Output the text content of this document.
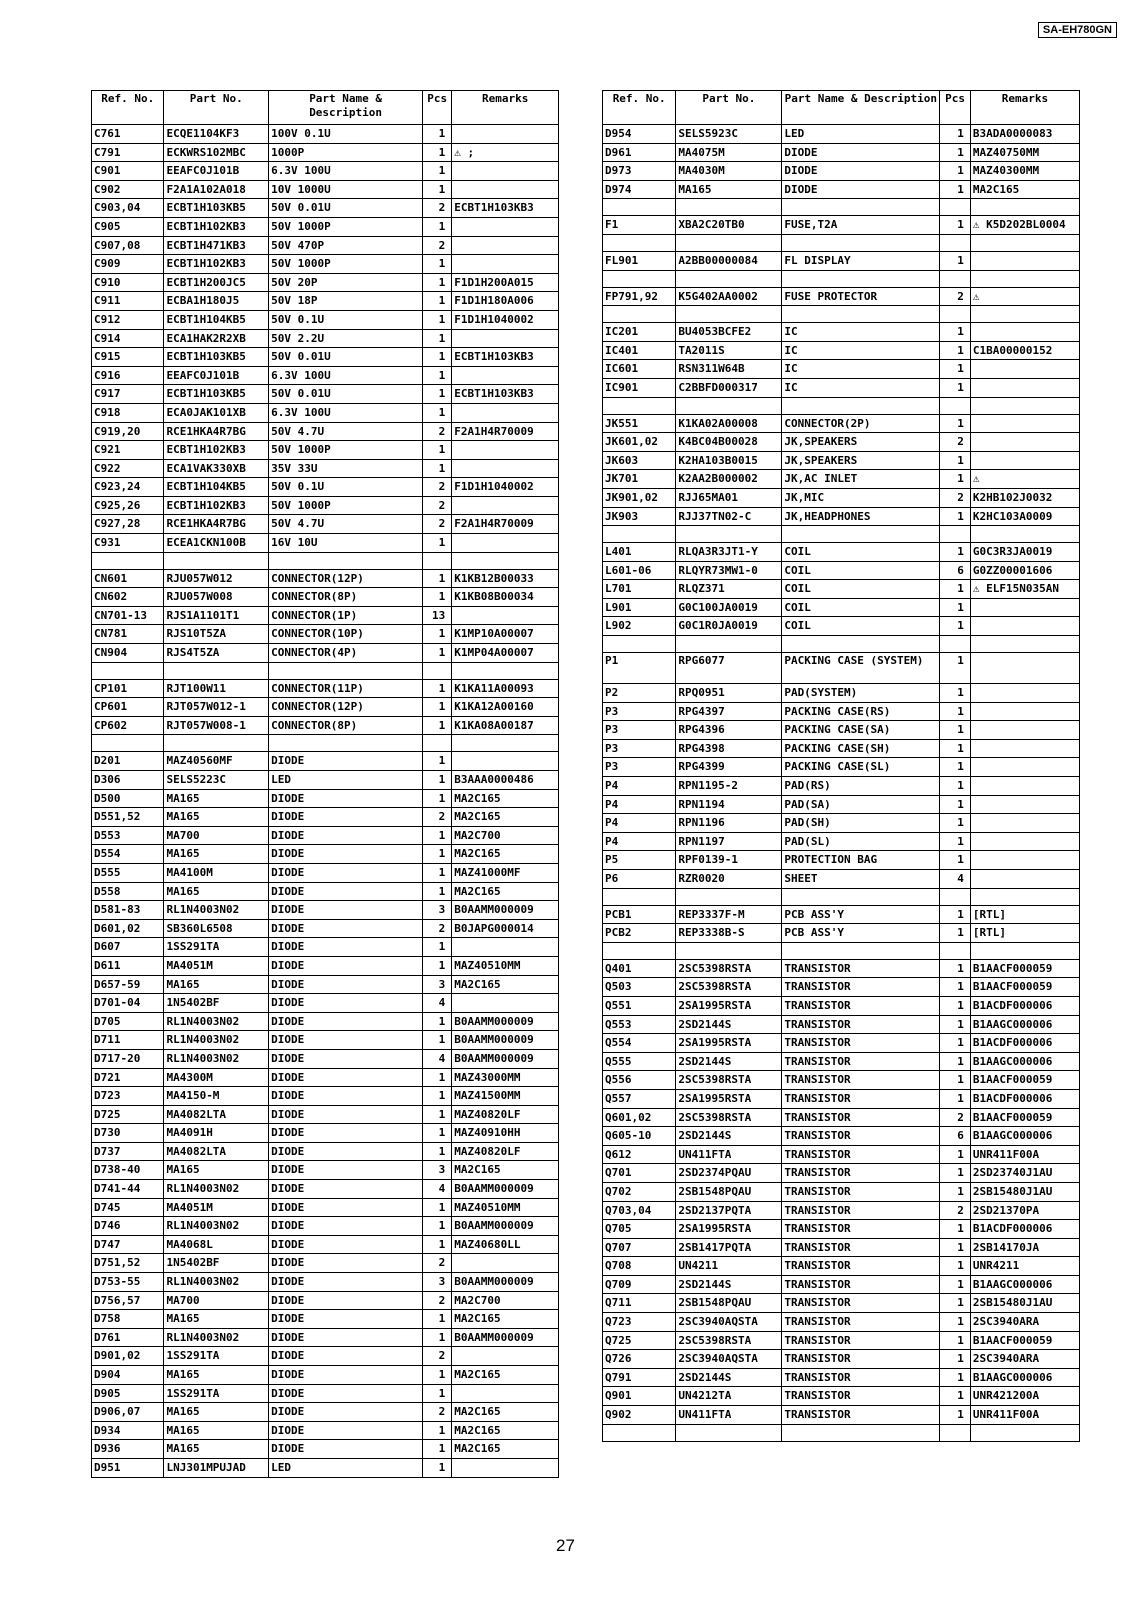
SA-EH780GN
Ref. No.	Part No.	Part Name & Description	Pcs	Remarks
C761	ECQE1104KF3	100V 0.1U	1	
C791	ECKWRS102MBC	1000P	1	⚠ ;
C901	EEAFC0J101B	6.3V 100U	1	
C902	F2A1A102A018	10V 1000U	1	
C903,04	ECBT1H103KB5	50V 0.01U	2	ECBT1H103KB3
C905	ECBT1H102KB3	50V 1000P	1	
C907,08	ECBT1H471KB3	50V 470P	2	
C909	ECBT1H102KB3	50V 1000P	1	
C910	ECBT1H200JC5	50V 20P	1	F1D1H200A015
C911	ECBA1H180J5	50V 18P	1	F1D1H180A006
C912	ECBT1H104KB5	50V 0.1U	1	F1D1H1040002
C914	ECA1HAK2R2XB	50V 2.2U	1	
C915	ECBT1H103KB5	50V 0.01U	1	ECBT1H103KB3
C916	EEAFC0J101B	6.3V 100U	1	
C917	ECBT1H103KB5	50V 0.01U	1	ECBT1H103KB3
C918	ECA0JAK101XB	6.3V 100U	1	
C919,20	RCE1HKA4R7BG	50V 4.7U	2	F2A1H4R70009
C921	ECBT1H102KB3	50V 1000P	1	
C922	ECA1VAK330XB	35V 33U	1	
C923,24	ECBT1H104KB5	50V 0.1U	2	F1D1H1040002
C925,26	ECBT1H102KB3	50V 1000P	2	
C927,28	RCE1HKA4R7BG	50V 4.7U	2	F2A1H4R70009
C931	ECEA1CKN100B	16V 10U	1	

CN601	RJU057W012	CONNECTOR(12P)	1	K1KB12B00033
CN602	RJU057W008	CONNECTOR(8P)	1	K1KB08B00034
CN701-13	RJS1A1101T1	CONNECTOR(1P)	13	
CN781	RJS10T5ZA	CONNECTOR(10P)	1	K1MP10A00007
CN904	RJS4T5ZA	CONNECTOR(4P)	1	K1MP04A00007

CP101	RJT100W11	CONNECTOR(11P)	1	K1KA11A00093
CP601	RJT057W012-1	CONNECTOR(12P)	1	K1KA12A00160
CP602	RJT057W008-1	CONNECTOR(8P)	1	K1KA08A00187

D201	MAZ40560MF	DIODE	1	
D306	SELS5223C	LED	1	B3AAA0000486
D500	MA165	DIODE	1	MA2C165
D551,52	MA165	DIODE	2	MA2C165
D553	MA700	DIODE	1	MA2C700
D554	MA165	DIODE	1	MA2C165
D555	MA4100M	DIODE	1	MAZ41000MF
D558	MA165	DIODE	1	MA2C165
D581-83	RL1N4003N02	DIODE	3	B0AAMM000009
D601,02	SB360L6508	DIODE	2	B0JAPG000014
D607	1SS291TA	DIODE	1	
D611	MA4051M	DIODE	1	MAZ40510MM
D657-59	MA165	DIODE	3	MA2C165
D701-04	1N5402BF	DIODE	4	
D705	RL1N4003N02	DIODE	1	B0AAMM000009
D711	RL1N4003N02	DIODE	1	B0AAMM000009
D717-20	RL1N4003N02	DIODE	4	B0AAMM000009
D721	MA4300M	DIODE	1	MAZ43000MM
D723	MA4150-M	DIODE	1	MAZ41500MM
D725	MA4082LTA	DIODE	1	MAZ40820LF
D730	MA4091H	DIODE	1	MAZ40910HH
D737	MA4082LTA	DIODE	1	MAZ40820LF
D738-40	MA165	DIODE	3	MA2C165
D741-44	RL1N4003N02	DIODE	4	B0AAMM000009
D745	MA4051M	DIODE	1	MAZ40510MM
D746	RL1N4003N02	DIODE	1	B0AAMM000009
D747	MA4068L	DIODE	1	MAZ40680LL
D751,52	1N5402BF	DIODE	2	
D753-55	RL1N4003N02	DIODE	3	B0AAMM000009
D756,57	MA700	DIODE	2	MA2C700
D758	MA165	DIODE	1	MA2C165
D761	RL1N4003N02	DIODE	1	B0AAMM000009
D901,02	1SS291TA	DIODE	2	
D904	MA165	DIODE	1	MA2C165
D905	1SS291TA	DIODE	1	
D906,07	MA165	DIODE	2	MA2C165
D934	MA165	DIODE	1	MA2C165
D936	MA165	DIODE	1	MA2C165
D951	LNJ301MPUJAD	LED	1	
Ref. No.	Part No.	Part Name & Description	Pcs	Remarks
D954	SELS5923C	LED	1	B3ADA0000083
D961	MA4075M	DIODE	1	MAZ40750MM
D973	MA4030M	DIODE	1	MAZ40300MM
D974	MA165	DIODE	1	MA2C165

F1	XBA2C20TB0	FUSE,T2A	1	⚠ K5D202BL0004

FL901	A2BB00000084	FL DISPLAY	1	

FP791,92	K5G402AA0002	FUSE PROTECTOR	2	⚠

IC201	BU4053BCFE2	IC	1	
IC401	TA2011S	IC	1	C1BA00000152
IC601	RSN311W64B	IC	1	
IC901	C2BBFD000317	IC	1	

JK551	K1KA02A00008	CONNECTOR(2P)	1	
JK601,02	K4BC04B00028	JK,SPEAKERS	2	
JK603	K2HA103B0015	JK,SPEAKERS	1	
JK701	K2AA2B000002	JK,AC INLET	1	⚠
JK901,02	RJJ65MA01	JK,MIC	2	K2HB102J0032
JK903	RJJ37TN02-C	JK,HEADPHONES	1	K2HC103A0009

L401	RLQA3R3JT1-Y	COIL	1	G0C3R3JA0019
L601-06	RLQYR73MW1-0	COIL	6	G0ZZ00001606
L701	RLQZ371	COIL	1	⚠ ELF15N035AN
L901	G0C100JA0019	COIL	1	
L902	G0C1R0JA0019	COIL	1	

P1	RPG6077	PACKING CASE (SYSTEM)	1	
P2	RPQ0951	PAD(SYSTEM)	1	
P3	RPG4397	PACKING CASE(RS)	1	
P3	RPG4396	PACKING CASE(SA)	1	
P3	RPG4398	PACKING CASE(SH)	1	
P3	RPG4399	PACKING CASE(SL)	1	
P4	RPN1195-2	PAD(RS)	1	
P4	RPN1194	PAD(SA)	1	
P4	RPN1196	PAD(SH)	1	
P4	RPN1197	PAD(SL)	1	
P5	RPF0139-1	PROTECTION BAG	1	
P6	RZR0020	SHEET	4	

PCB1	REP3337F-M	PCB ASS'Y	1	[RTL]
PCB2	REP3338B-S	PCB ASS'Y	1	[RTL]

Q401	2SC5398RSTA	TRANSISTOR	1	B1AACF000059
Q503	2SC5398RSTA	TRANSISTOR	1	B1AACF000059
Q551	2SA1995RSTA	TRANSISTOR	1	B1ACDF000006
Q553	2SD2144S	TRANSISTOR	1	B1AAGC000006
Q554	2SA1995RSTA	TRANSISTOR	1	B1ACDF000006
Q555	2SD2144S	TRANSISTOR	1	B1AAGC000006
Q556	2SC5398RSTA	TRANSISTOR	1	B1AACF000059
Q557	2SA1995RSTA	TRANSISTOR	1	B1ACDF000006
Q601,02	2SC5398RSTA	TRANSISTOR	2	B1AACF000059
Q605-10	2SD2144S	TRANSISTOR	6	B1AAGC000006
Q612	UN411FTA	TRANSISTOR	1	UNR411F00A
Q701	2SD2374PQAU	TRANSISTOR	1	2SD23740J1AU
Q702	2SB1548PQAU	TRANSISTOR	1	2SB15480J1AU
Q703,04	2SD2137PQTA	TRANSISTOR	2	2SD21370PA
Q705	2SA1995RSTA	TRANSISTOR	1	B1ACDF000006
Q707	2SB1417PQTA	TRANSISTOR	1	2SB14170JA
Q708	UN4211	TRANSISTOR	1	UNR4211
Q709	2SD2144S	TRANSISTOR	1	B1AAGC000006
Q711	2SB1548PQAU	TRANSISTOR	1	2SB15480J1AU
Q723	2SC3940AQSTA	TRANSISTOR	1	2SC3940ARA
Q725	2SC5398RSTA	TRANSISTOR	1	B1AACF000059
Q726	2SC3940AQSTA	TRANSISTOR	1	2SC3940ARA
Q791	2SD2144S	TRANSISTOR	1	B1AAGC000006
Q901	UN4212TA	TRANSISTOR	1	UNR421200A
Q902	UN411FTA	TRANSISTOR	1	UNR411F00A

27
